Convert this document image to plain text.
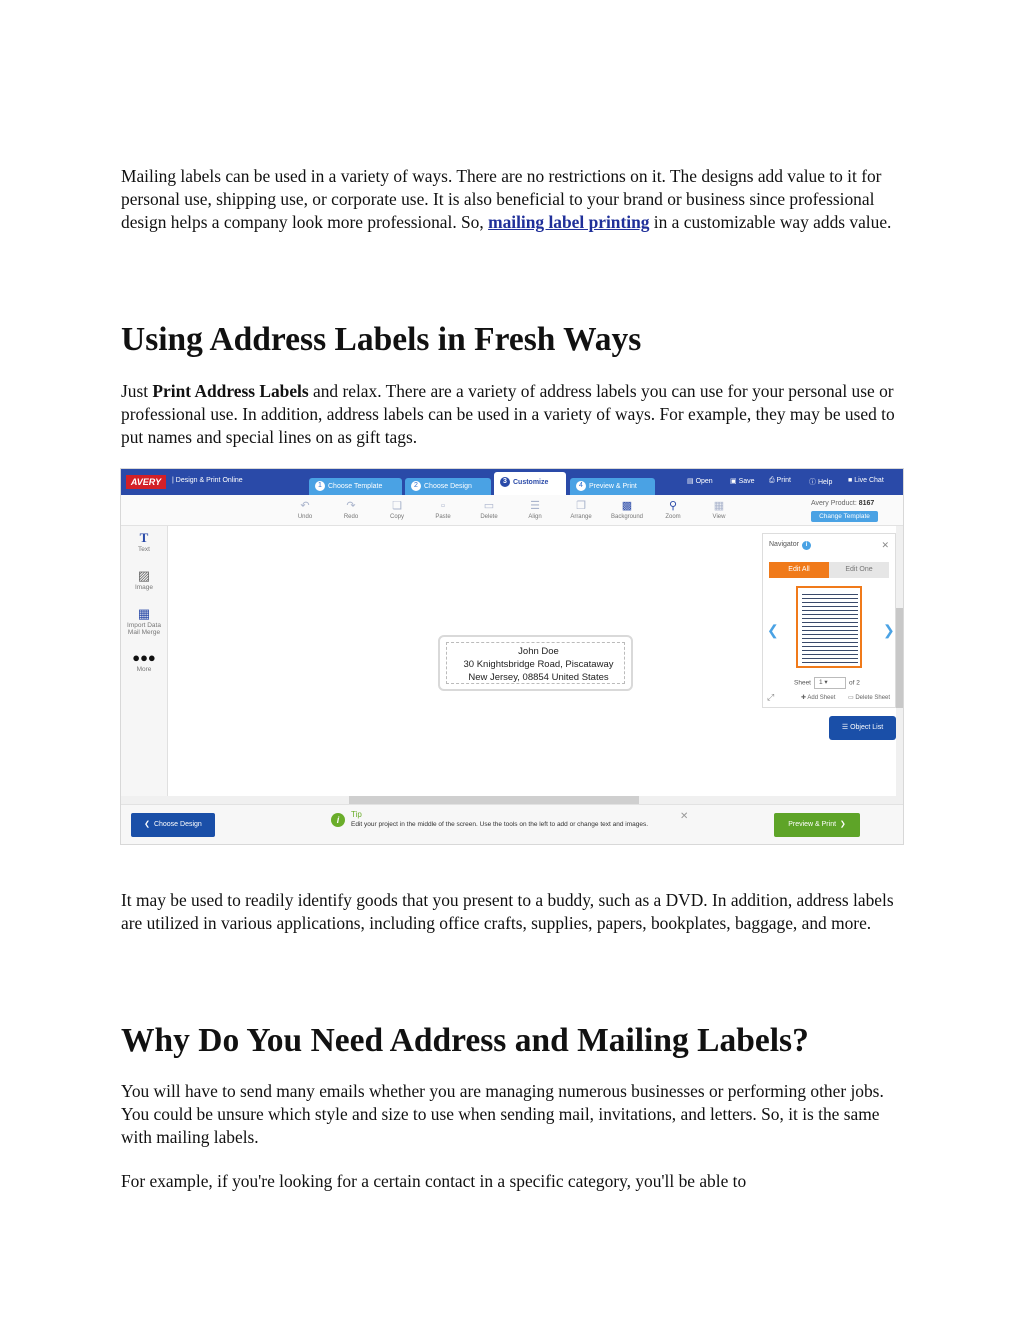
Mailing labels can be used in a variety of ways. There are no restrictions on it. The designs add value to it for personal use, shipping use, or corporate use. It is also beneficial to your brand or business since professional design helps a company look more professional. So, mailing label printing in a customizable way adds value.

Using Address Labels in Fresh Ways

Just Print Address Labels and relax. There are a variety of address labels you can use for your personal use or professional use. In addition, address labels can be used in a variety of ways. For example, they may be used to put names and special lines on as gift tags.

AVERY	| Design & Print Online
1 Choose Template	2 Choose Design
3 Customize	4 Preview & Print
▤ Open ▣ Save ⎙ Print	ⓘ Help ■ Live Chat
↶
Undo
↷
Redo
❏
Copy
▫
Paste
▭
Delete
☰
Align
❐
Arrange
▩
Background
⚲
Zoom
▦
View
Avery Product: 8167
Change Template
T
Text
▨
Image
▦
Import Data Mail Merge
●●●
More
John Doe
30 Knightsbridge Road, Piscataway
New Jersey, 08854 United States
Navigator i	✕
Edit All	Edit One
❮	❯
Sheet 1 ▾	of 2
⤢	✚ Add Sheet ▭ Delete Sheet
☰ Object List
❮  Choose Design	i
Tip
Edit your project in the middle of the screen. Use the tools on the left to add or change text and images.
✕
Preview & Print  ❯

It may be used to readily identify goods that you present to a buddy, such as a DVD. In addition, address labels are utilized in various applications, including office crafts, supplies, papers, bookplates, baggage, and more.

Why Do You Need Address and Mailing Labels?

You will have to send many emails whether you are managing numerous businesses or performing other jobs. You could be unsure which style and size to use when sending mail, invitations, and letters. So, it is the same with mailing labels.

For example, if you're looking for a certain contact in a specific category, you'll be able to
